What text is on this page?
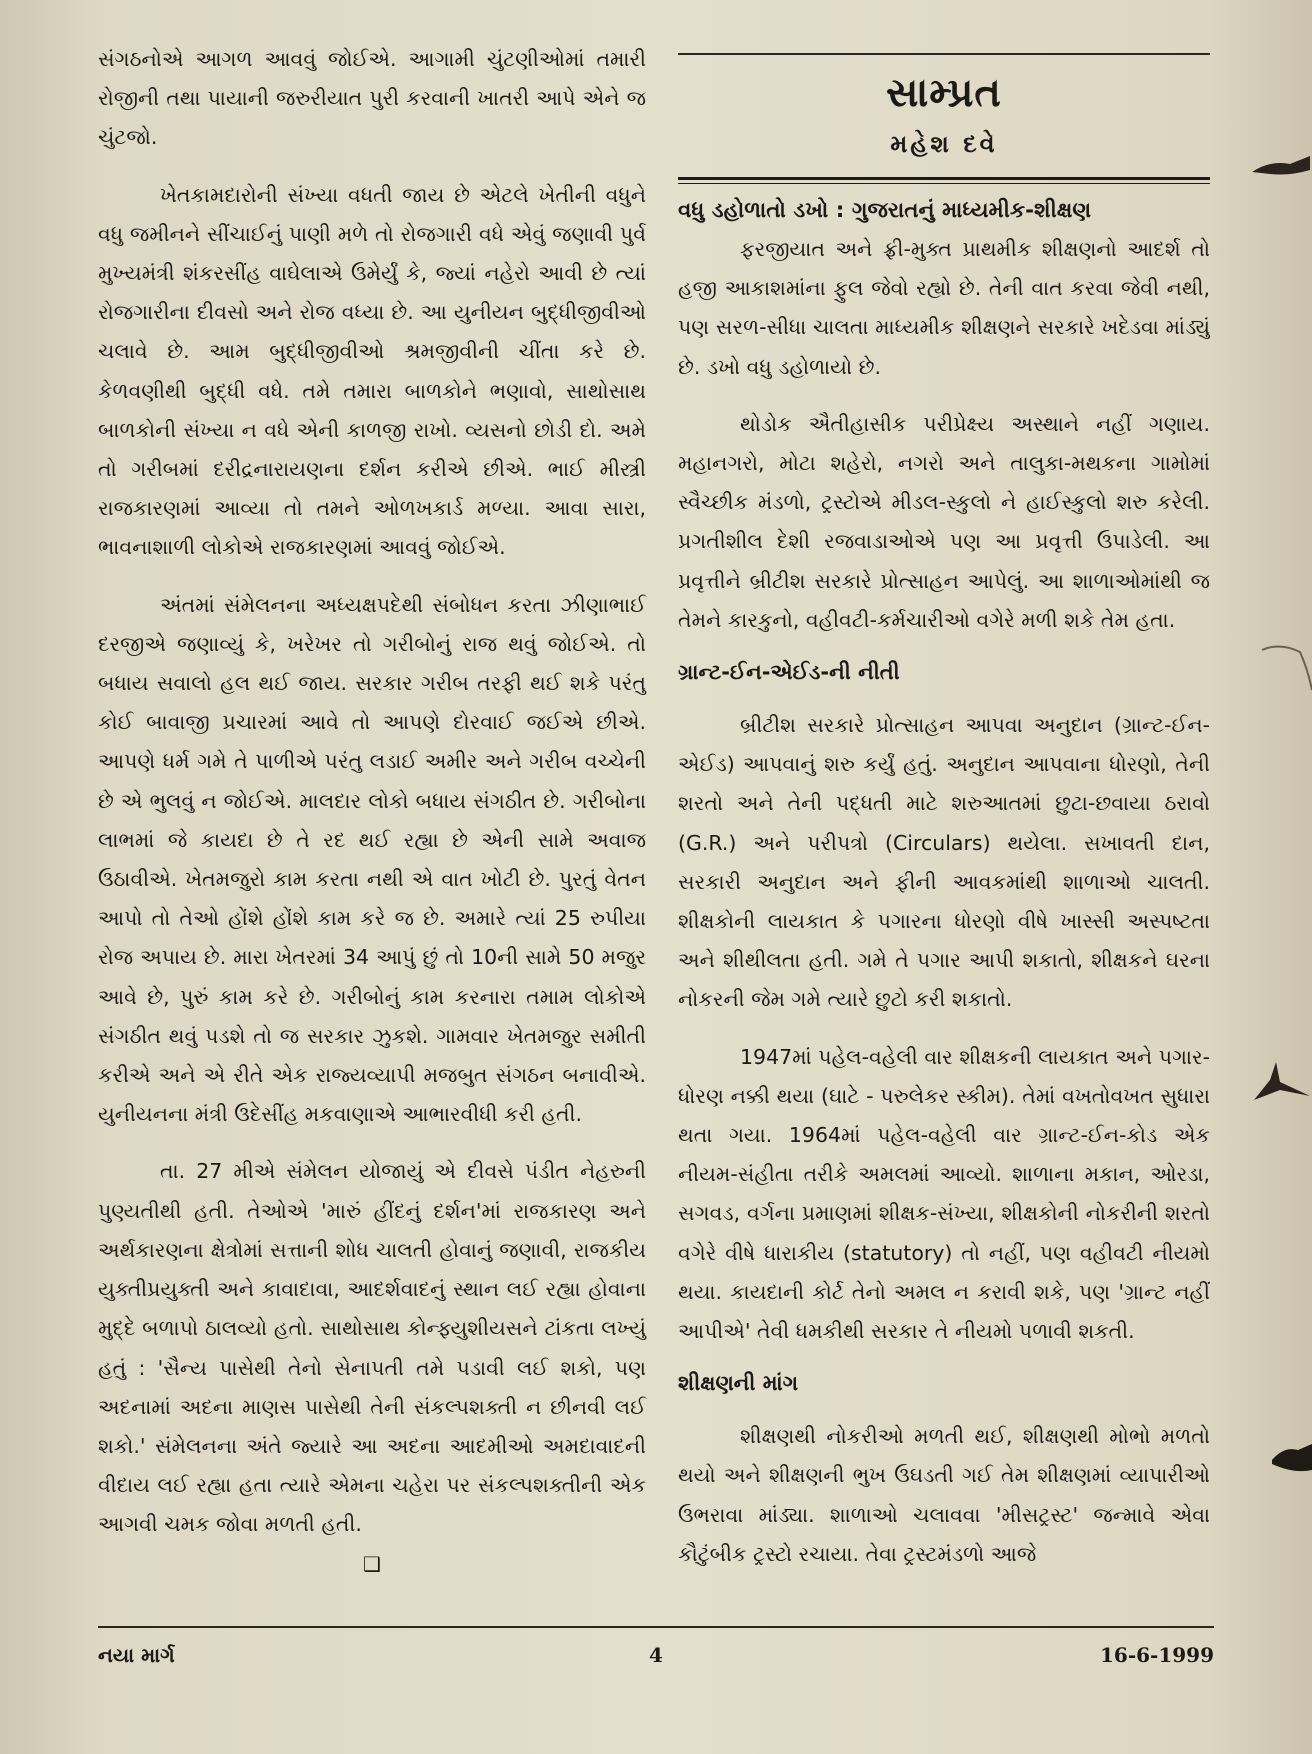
સંગઠનોએ આગળ આવવું જોઈએ. આગામી ચુંટણીઓમાં તમારી રોજીની તથા પાયાની જરુરીયાત પુરી કરવાની ખાતરી આપે એને જ ચુંટજો.

ખેતકામદારોની સંખ્યા વધતી જાય છે એટલે ખેતીની વધુને વધુ જમીનને સીંચાઈનું પાણી મળે તો રોજગારી વધે એવું જણાવી પુર્વ મુખ્યમંત્રી શંકરસીંહ વાઘેલાએ ઉમેર્યું કે, જ્યાં નહેરો આવી છે ત્યાં રોજગારીના દીવસો અને રોજ વધ્યા છે. આ યુનીયન બુદ્ધીજીવીઓ ચલાવે છે. આમ બુદ્ધીજીવીઓ શ્રમજીવીની ચીંતા કરે છે. કેળવણીથી બુદ્ધી વધે. તમે તમારા બાળકોને ભણાવો, સાથોસાથ બાળકોની સંખ્યા ન વધે એની કાળજી રાખો. વ્યસનો છોડી દો. અમે તો ગરીબમાં દરીદ્રનારાયણના દર્શન કરીએ છીએ. ભાઈ મીસ્ત્રી રાજકારણમાં આવ્યા તો તમને ઓળખકાર્ડ મળ્યા. આવા સારા, ભાવનાશાળી લોકોએ રાજકારણમાં આવવું જોઈએ.

અંતમાં સંમેલનના અધ્યક્ષપદેથી સંબોધન કરતા ઝીણાભાઈ દરજીએ જણાવ્યું કે, ખરેખર તો ગરીબોનું રાજ થવું જોઈએ. તો બધાય સવાલો હલ થઈ જાય. સરકાર ગરીબ તરફી થઈ શકે પરંતુ કોઈ બાવાજી પ્રચારમાં આવે તો આપણે દોરવાઈ જઈએ છીએ. આપણે ધર્મ ગમે તે પાળીએ પરંતુ લડાઈ અમીર અને ગરીબ વચ્ચેની છે એ ભુલવું ન જોઈએ. માલદાર લોકો બધાય સંગઠીત છે. ગરીબોના લાભમાં જે કાયદા છે તે રદ થઈ રહ્યા છે એની સામે અવાજ ઉઠાવીએ. ખેતમજુરો કામ કરતા નથી એ વાત ખોટી છે. પુરતું વેતન આપો તો તેઓ હોંશે હોંશે કામ કરે જ છે. અમારે ત્યાં 25 રુપીયા રોજ અપાય છે. મારા ખેતરમાં 34 આપું છું તો 10ની સામે 50 મજુર આવે છે, પુરું કામ કરે છે. ગરીબોનું કામ કરનારા તમામ લોકોએ સંગઠીત થવું પડશે તો જ સરકાર ઝુકશે. ગામવાર ખેતમજુર સમીતી કરીએ અને એ રીતે એક રાજ્યવ્યાપી મજબુત સંગઠન બનાવીએ. યુનીયનના મંત્રી ઉદેસીંહ મકવાણાએ આભારવીધી કરી હતી.

તા. 27 મીએ સંમેલન યોજાયું એ દીવસે પંડીત નેહરુની પુણ્યતીથી હતી. તેઓએ 'મારું હીંદનું દર્શન'માં રાજકારણ અને અર્થકારણના ક્ષેત્રોમાં સત્તાની શોધ ચાલતી હોવાનું જણાવી, રાજકીય યુક્તીપ્રયુક્તી અને કાવાદાવા, આદર્શવાદનું સ્થાન લઈ રહ્યા હોવાના મુદ્દે બળાપો ઠાલવ્યો હતો. સાથોસાથ કોન્ફ્યુશીયસને ટાંકતા લખ્યું હતું : 'સૈન્ય પાસેથી તેનો સેનાપતી તમે પડાવી લઈ શકો, પણ અદનામાં અદના માણસ પાસેથી તેની સંકલ્પશક્તી ન છીનવી લઈ શકો.' સંમેલનના અંતે જ્યારે આ અદના આદમીઓ અમદાવાદની વીદાય લઈ રહ્યા હતા ત્યારે એમના ચહેરા પર સંકલ્પશક્તીની એક આગવી ચમક જોવા મળતી હતી.

❑
સામ્પ્રત
મહેશ દવે
વધુ ડહોળાતો ડખો : ગુજરાતનું માધ્યમીક-શીક્ષણ

ફરજીયાત અને ફ્રી-મુક્ત પ્રાથમીક શીક્ષણનો આદર્શ તો હજી આકાશમાંના ફુલ જેવો રહ્યો છે. તેની વાત કરવા જેવી નથી, પણ સરળ-સીધા ચાલતા માધ્યમીક શીક્ષણને સરકારે ખદેડવા માંડ્યું છે. ડખો વધુ ડહોળાયો છે.

થોડોક ઐતીહાસીક પરીપ્રેક્ષ્ય અસ્થાને નહીં ગણાય. મહાનગરો, મોટા શહેરો, નગરો અને તાલુકા-મથકના ગામોમાં સ્વૈચ્છીક મંડળો, ટ્રસ્ટોએ મીડલ-સ્કુલો ને હાઈસ્કુલો શરુ કરેલી. પ્રગતીશીલ દેશી રજવાડાઓએ પણ આ પ્રવૃત્તી ઉપાડેલી. આ પ્રવૃત્તીને બ્રીટીશ સરકારે પ્રોત્સાહન આપેલું. આ શાળાઓમાંથી જ તેમને કારકુનો, વહીવટી-કર્મચારીઓ વગેરે મળી શકે તેમ હતા.

ગ્રાન્ટ-ઈન-એઈડ-ની નીતી

બ્રીટીશ સરકારે પ્રોત્સાહન આપવા અનુદાન (ગ્રાન્ટ-ઈન-એઈડ) આપવાનું શરુ કર્યું હતું. અનુદાન આપવાના ધોરણો, તેની શરતો અને તેની પદ્ધતી માટે શરુઆતમાં છુટા-છવાયા ઠરાવો (G.R.) અને પરીપત્રો (Circulars) થયેલા. સખાવતી દાન, સરકારી અનુદાન અને ફીની આવકમાંથી શાળાઓ ચાલતી. શીક્ષકોની લાયકાત કે પગારના ધોરણો વીષે ખાસ્સી અસ્પષ્ટતા અને શીથીલતા હતી. ગમે તે પગાર આપી શકાતો, શીક્ષકને ઘરના નોકરની જેમ ગમે ત્યારે છુટો કરી શકાતો.

1947માં પહેલ-વહેલી વાર શીક્ષકની લાયકાત અને પગાર-ધોરણ નક્કી થયા (ઘાટે - પરુલેકર સ્કીમ). તેમાં વખતોવખત સુધારા થતા ગયા. 1964માં પહેલ-વહેલી વાર ગ્રાન્ટ-ઈન-કોડ એક નીયમ-સંહીતા તરીકે અમલમાં આવ્યો. શાળાના મકાન, ઓરડા, સગવડ, વર્ગના પ્રમાણમાં શીક્ષક-સંખ્યા, શીક્ષકોની નોકરીની શરતો વગેરે વીષે ધારાકીય (statutory) તો નહીં, પણ વહીવટી નીયમો થયા. કાયદાની કોર્ટ તેનો અમલ ન કરાવી શકે, પણ 'ગ્રાન્ટ નહીં આપીએ' તેવી ધમકીથી સરકાર તે નીયમો પળાવી શકતી.

શીક્ષણની માંગ

શીક્ષણથી નોકરીઓ મળતી થઈ, શીક્ષણથી મોભો મળતો થયો અને શીક્ષણની ભુખ ઉઘડતી ગઈ તેમ શીક્ષણમાં વ્યાપારીઓ ઉભરાવા માંડ્યા. શાળાઓ ચલાવવા 'મીસટ્રસ્ટ' જન્માવે એવા કૌટુંબીક ટ્રસ્ટો રચાયા. તેવા ટ્રસ્ટમંડળો આજે

નયા માર્ગ	4	16-6-1999
